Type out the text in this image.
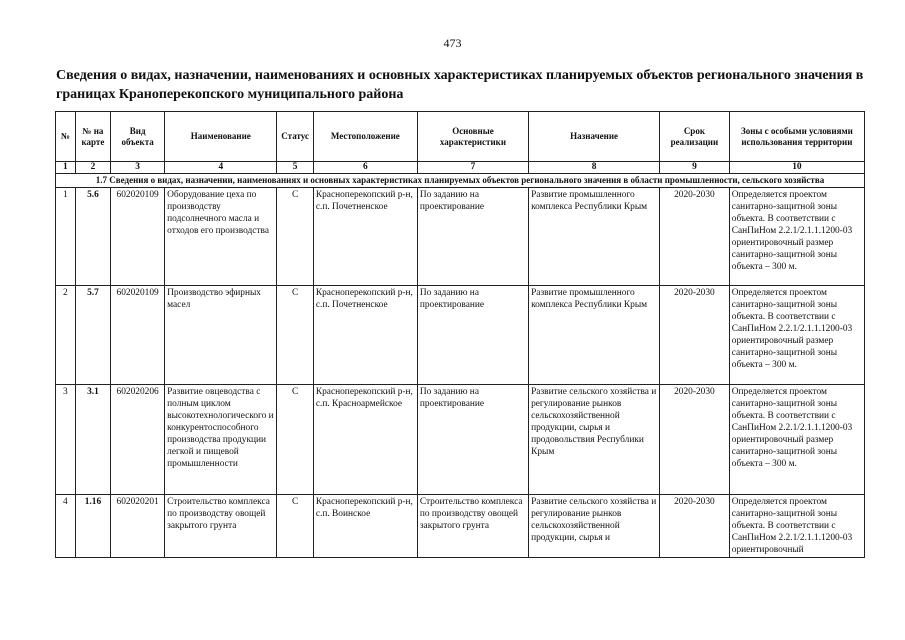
473
Сведения о видах, назначении, наименованиях и основных характеристиках планируемых объектов регионального значения в границах Краноперекопского муниципального района
№	№ на карте	Вид объекта	Наименование	Статус	Местоположение	Основные характеристики	Назначение	Срок реализации	Зоны с особыми условиями использования территории
1	2	3	4	5	6	7	8	9	10
1.7 Сведения о видах, назначении, наименованиях и основных характеристиках планируемых объектов регионального значения в области промышленности, сельского хозяйства									
1	5.6	602020109	Оборудование цеха по производству подсолнечного масла и отходов его производства	С	Красноперекопский р-н, с.п. Почетненское	По заданию на проектирование	Развитие промышленного комплекса Республики Крым	2020-2030	Определяется проектом санитарно-защитной зоны объекта. В соответствии с СанПиНом 2.2.1/2.1.1.1200-03 ориентировочный размер санитарно-защитной зоны объекта – 300 м.
2	5.7	602020109	Производство эфирных масел	С	Красноперекопский р-н, с.п. Почетненское	По заданию на проектирование	Развитие промышленного комплекса Республики Крым	2020-2030	Определяется проектом санитарно-защитной зоны объекта. В соответствии с СанПиНом 2.2.1/2.1.1.1200-03 ориентировочный размер санитарно-защитной зоны объекта – 300 м.
3	3.1	602020206	Развитие овцеводства с полным циклом высокотехнологического и конкурентоспособного производства продукции легкой и пищевой промышленности	С	Красноперекопский р-н, с.п. Красноармейское	По заданию на проектирование	Развитие сельского хозяйства и регулирование рынков сельскохозяйственной продукции, сырья и продовольствия Республики Крым	2020-2030	Определяется проектом санитарно-защитной зоны объекта. В соответствии с СанПиНом 2.2.1/2.1.1.1200-03 ориентировочный размер санитарно-защитной зоны объекта – 300 м.
4	1.16	602020201	Строительство комплекса по производству овощей закрытого грунта	С	Красноперекопский р-н, с.п. Воинское	Строительство комплекса по производству овощей закрытого грунта	Развитие сельского хозяйства и регулирование рынков сельскохозяйственной продукции, сырья и	2020-2030	Определяется проектом санитарно-защитной зоны объекта. В соответствии с СанПиНом 2.2.1/2.1.1.1200-03 ориентировочный
